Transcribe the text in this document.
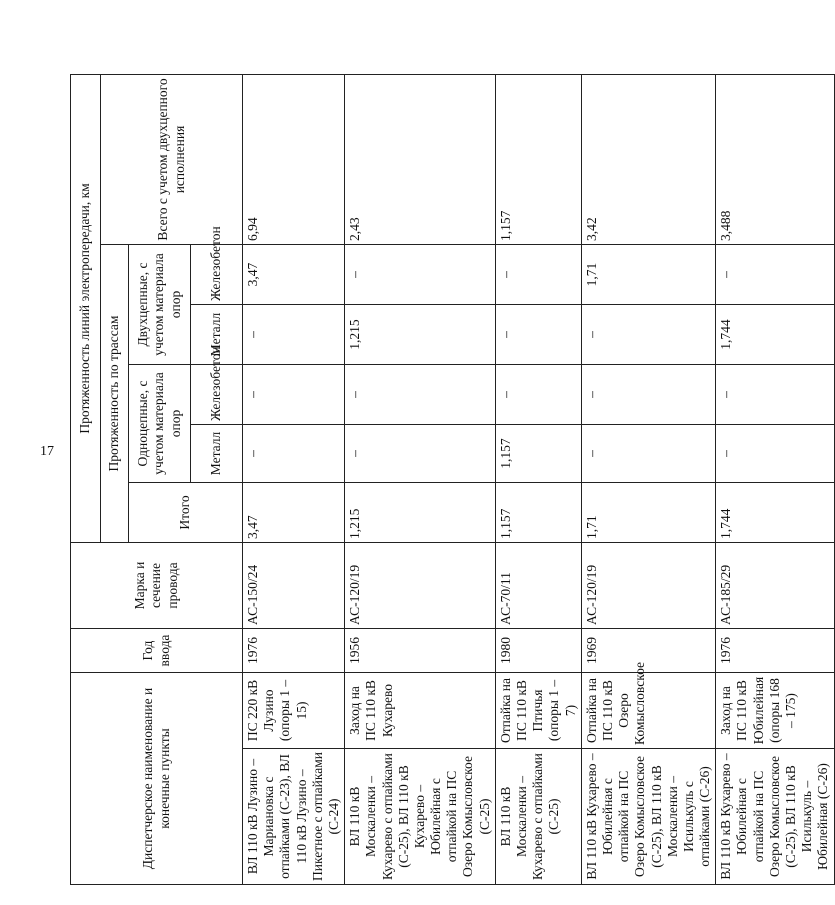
17
Диспетчерское наименование и конечные пункты		Год ввода	Марка и сечение провода	Протяженность линий электропередачи, км					
				Протяженность по трассам					Всего с учетом двухцепного исполнения
				Итого	Одноцепные, с учетом материала опор		Двухцепные, с учетом материала опор		
					Металл	Железобетон	Металл	Железобетон	
ВЛ 110 кВ Лузино – Мариановка с отпайками (С-23), ВЛ 110 кВ Лузино – Пикетное с отпайками (С-24)	ПС 220 кВ Лузино (опоры 1 – 15)	1976	АС-150/24	3,47	–	–	–	3,47	6,94
ВЛ 110 кВ Москаленки – Кухарево с отпайками (С-25), ВЛ 110 кВ Кухарево – Юбилейная с отпайкой на ПС Озеро Комысловское (С-25)	Заход на ПС 110 кВ Кухарево	1956	АС-120/19	1,215	–	–	1,215	–	2,43
ВЛ 110 кВ Москаленки – Кухарево с отпайками (С-25)	Отпайка на ПС 110 кВ Птичья (опоры 1 – 7)	1980	АС-70/11	1,157	1,157	–	–	–	1,157
ВЛ 110 кВ Кухарево – Юбилейная с отпайкой на ПС Озеро Комысловское (С-25), ВЛ 110 кВ Москаленки – Исилькуль с отпайками (С-26)	Отпайка на ПС 110 кВ Озеро Комысловское	1969	АС-120/19	1,71	–	–	–	1,71	3,42
ВЛ 110 кВ Кухарево – Юбилейная с отпайкой на ПС Озеро Комысловское (С-25), ВЛ 110 кВ Исилькуль – Юбилейная (С-26)	Заход на ПС 110 кВ Юбилейная (опоры 168 – 175)	1976	АС-185/29	1,744	–	–	1,744	–	3,488
